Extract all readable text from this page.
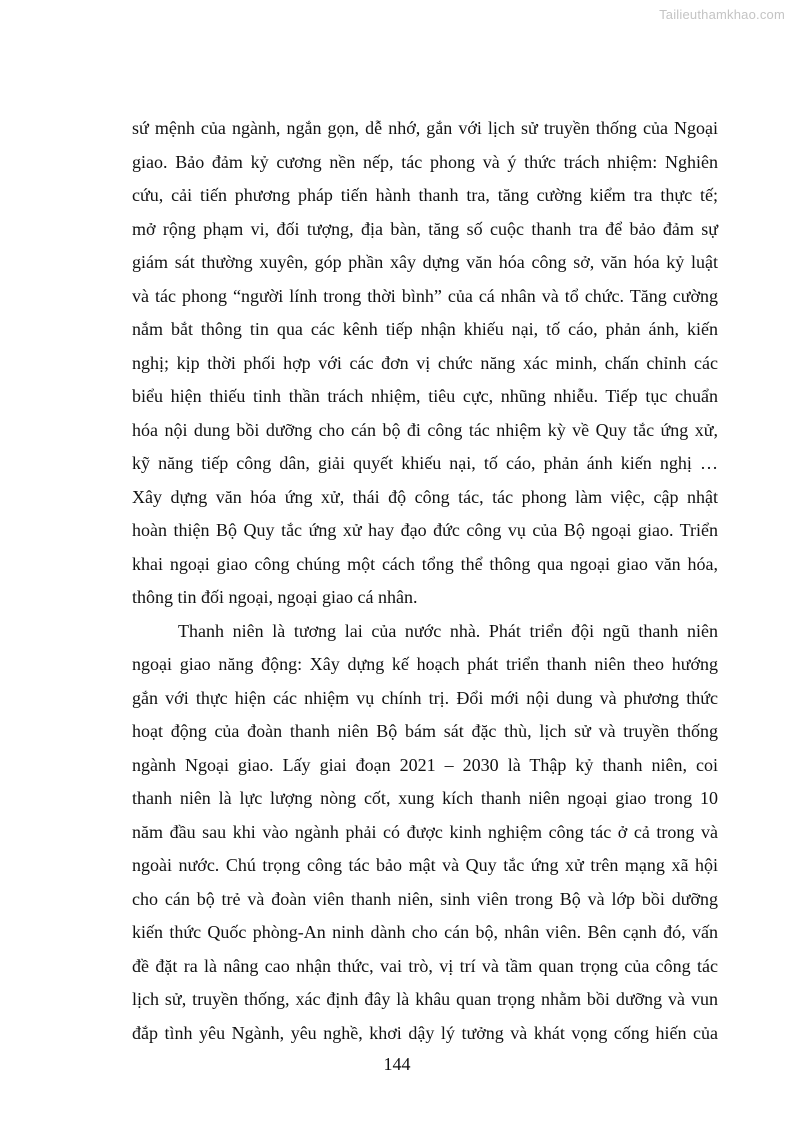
Tailieuthamkhao.com
sứ mệnh của ngành, ngắn gọn, dễ nhớ, gắn với lịch sử truyền thống của Ngoại
giao. Bảo đảm kỷ cương nền nếp, tác phong và ý thức trách nhiệm: Nghiên
cứu, cải tiến phương pháp tiến hành thanh tra, tăng cường kiểm tra thực tế;
mở rộng phạm vi, đối tượng, địa bàn, tăng số cuộc thanh tra để bảo đảm sự
giám sát thường xuyên, góp phần xây dựng văn hóa công sở, văn hóa kỷ luật
và tác phong “người lính trong thời bình” của cá nhân và tổ chức. Tăng cường
nắm bắt thông tin qua các kênh tiếp nhận khiếu nại, tố cáo, phản ánh, kiến
nghị; kịp thời phối hợp với các đơn vị chức năng xác minh, chấn chỉnh các
biểu hiện thiếu tinh thần trách nhiệm, tiêu cực, nhũng nhiễu. Tiếp tục chuẩn
hóa nội dung bồi dưỡng cho cán bộ đi công tác nhiệm kỳ về Quy tắc ứng xử,
kỹ năng tiếp công dân, giải quyết khiếu nại, tố cáo, phản ánh kiến nghị …
Xây dựng văn hóa ứng xử, thái độ công tác, tác phong làm việc, cập nhật
hoàn thiện Bộ Quy tắc ứng xử hay đạo đức công vụ của Bộ ngoại giao. Triển
khai ngoại giao công chúng một cách tổng thể thông qua ngoại giao văn hóa,
thông tin đối ngoại, ngoại giao cá nhân.
Thanh niên là tương lai của nước nhà. Phát triển đội ngũ thanh niên
ngoại giao năng động: Xây dựng kế hoạch phát triển thanh niên theo hướng
gắn với thực hiện các nhiệm vụ chính trị. Đổi mới nội dung và phương thức
hoạt động của đoàn thanh niên Bộ bám sát đặc thù, lịch sử và truyền thống
ngành Ngoại giao. Lấy giai đoạn 2021 – 2030 là Thập kỷ thanh niên, coi
thanh niên là lực lượng nòng cốt, xung kích thanh niên ngoại giao trong 10
năm đầu sau khi vào ngành phải có được kinh nghiệm công tác ở cả trong và
ngoài nước. Chú trọng công tác bảo mật và Quy tắc ứng xử trên mạng xã hội
cho cán bộ trẻ và đoàn viên thanh niên, sinh viên trong Bộ và lớp bồi dưỡng
kiến thức Quốc phòng-An ninh dành cho cán bộ, nhân viên. Bên cạnh đó, vấn
đề đặt ra là nâng cao nhận thức, vai trò, vị trí và tầm quan trọng của công tác
lịch sử, truyền thống, xác định đây là khâu quan trọng nhằm bồi dưỡng và vun
đắp tình yêu Ngành, yêu nghề, khơi dậy lý tưởng và khát vọng cống hiến của
144
